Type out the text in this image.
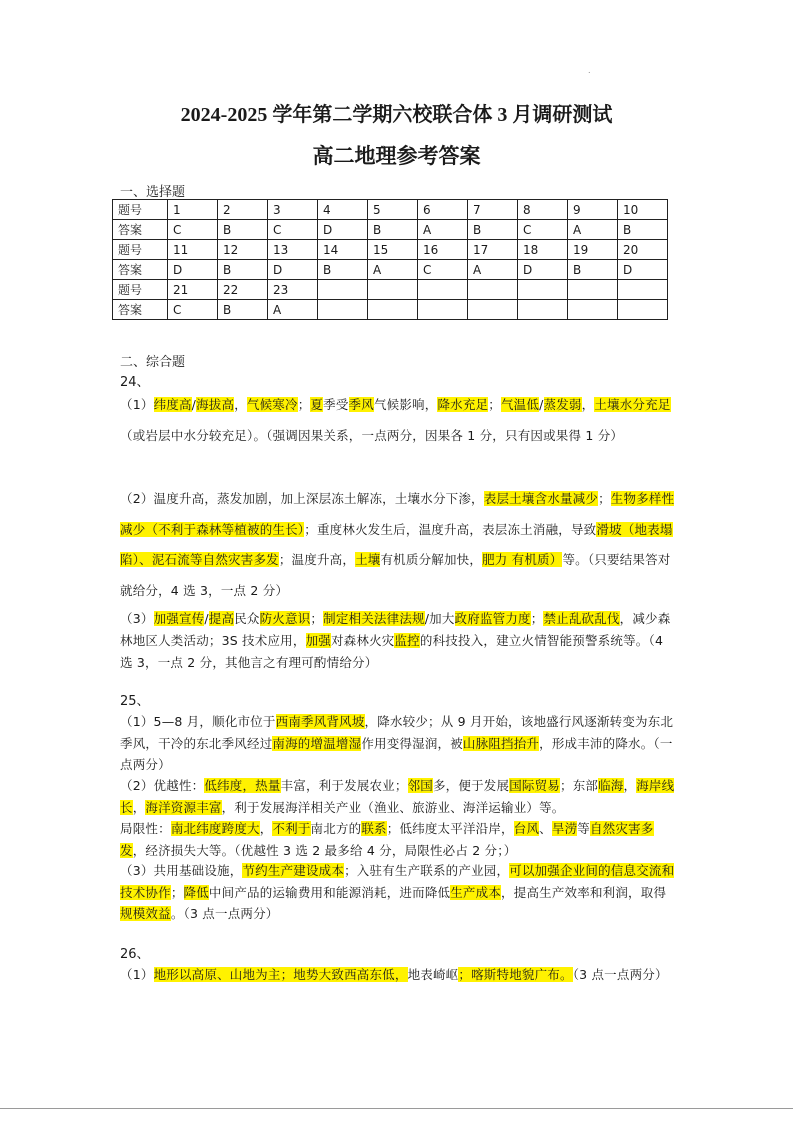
.
2024-2025 学年第二学期六校联合体 3 月调研测试
高二地理参考答案
一、选择题
题号	1	2	3	4	5	6	7	8	9	10
答案	C	B	C	D	B	A	B	C	A	B
题号	11	12	13	14	15	16	17	18	19	20
答案	D	B	D	B	A	C	A	D	B	D
题号	21	22	23							
答案	C	B	A							
二、综合题
24、

（1）纬度高/海拔高，气候寒冷；夏季受季风气候影响，降水充足；气温低/蒸发弱，土壤水分充足（或岩层中水分较充足）。（强调因果关系，一点两分，因果各 1 分，只有因或果得 1 分）

（2）温度升高，蒸发加剧，加上深层冻土解冻，土壤水分下渗，表层土壤含水量减少；生物多样性减少（不利于森林等植被的生长）；重度林火发生后，温度升高，表层冻土消融，导致滑坡（地表塌陷）、泥石流等自然灾害多发；温度升高，土壤有机质分解加快，肥力 有机质）等。（只要结果答对就给分，4 选 3，一点 2 分）

（3）加强宣传/提高民众防火意识；制定相关法律法规/加大政府监管力度；禁止乱砍乱伐，减少森林地区人类活动；3S 技术应用，加强对森林火灾监控的科技投入，建立火情智能预警系统等。（4 选 3，一点 2 分，其他言之有理可酌情给分）

25、

（1）5—8 月，顺化市位于西南季风背风坡，降水较少；从 9 月开始，该地盛行风逐渐转变为东北季风，干冷的东北季风经过南海的增温增湿作用变得湿润，被山脉阻挡抬升，形成丰沛的降水。（一点两分）

（2）优越性：低纬度，热量丰富，利于发展农业；邻国多，便于发展国际贸易；东部临海，海岸线长，海洋资源丰富，利于发展海洋相关产业（渔业、旅游业、海洋运输业）等。

局限性：南北纬度跨度大，不利于南北方的联系；低纬度太平洋沿岸，台风、旱涝等自然灾害多发，经济损失大等。（优越性 3 选 2 最多给 4 分，局限性必占 2 分；）

（3）共用基础设施，节约生产建设成本；入驻有生产联系的产业园，可以加强企业间的信息交流和技术协作；降低中间产品的运输费用和能源消耗，进而降低生产成本，提高生产效率和利润，取得规模效益。（3 点一点两分）

26、

（1）地形以高原、山地为主；地势大致西高东低，地表崎岖；喀斯特地貌广布。（3 点一点两分）
